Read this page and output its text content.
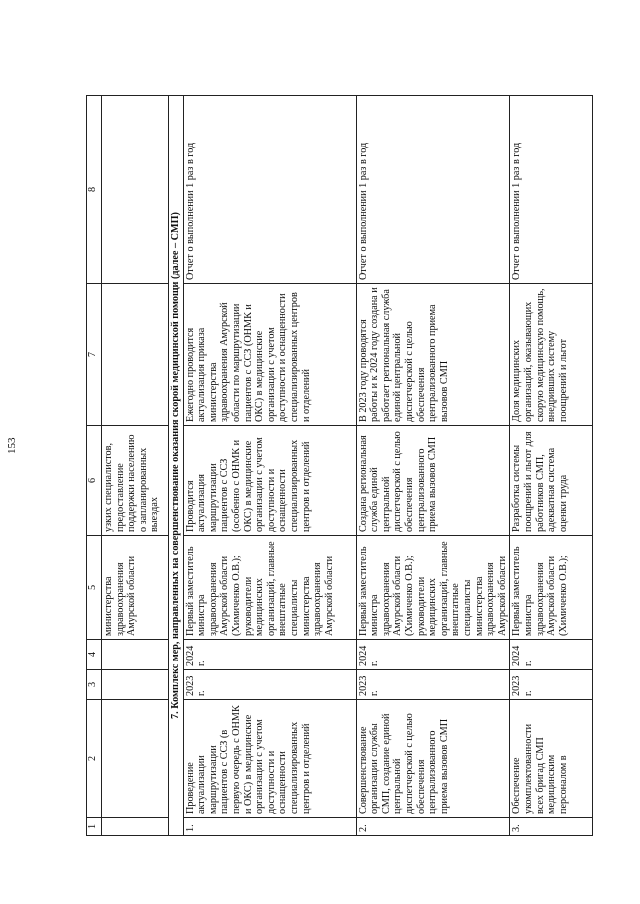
153
1	2	3	4	5	6	7	8
				министерства здравоохранения Амурской области	узких специалистов, предоставление поддержки населению о запланированных выездах		
7. Комплекс мер, направленных на совершенствование оказания скорой медицинской помощи (далее – СМП)							
1.	Проведение актуализации маршрутизации пациентов с ССЗ (в первую очередь с ОНМК и ОКС) в медицинские организации с учетом доступности и оснащенности специализированных центров и отделений	2023 г.	2024 г.	Первый заместитель министра здравоохранения Амурской области (Химиченко О.В.); руководители медицинских организаций, главные внештатные специалисты министерства здравоохранения Амурской области	Проводится актуализация маршрутизации пациентов с ССЗ (особенно с ОНМК и ОКС) в медицинские организации с учетом доступности и оснащенности специализированных центров и отделений	Ежегодно проводится актуализация приказа министерства здравоохранения Амурской области по маршрутизации пациентов с ССЗ (ОНМК и ОКС) в медицинские организации с учетом доступности и оснащенности специализированных центров и отделений	Отчет о выполнении 1 раз в год
2.	Совершенствование организации службы СМП, создание единой центральной диспетчерской с целью обеспечения централизованного приема вызовов СМП	2023 г.	2024 г.	Первый заместитель министра здравоохранения Амурской области (Химиченко О.В.); руководители медицинских организаций, главные внештатные специалисты министерства здравоохранения Амурской области	Создана региональная служба единой центральной диспетчерской с целью обеспечения централизованного приема вызовов СМП	В 2023 году проводятся работы и к 2024 году создана и работает региональная служба единой центральной диспетчерской с целью обеспечения централизованного приема вызовов СМП	Отчет о выполнении 1 раз в год
3.	Обеспечение укомплектованности всех бригад СМП медицинским персоналом в	2023 г.	2024 г.	Первый заместитель министра здравоохранения Амурской области (Химиченко О.В.);	Разработка системы поощрений и льгот для работников СМП, адекватная система оценки труда	Доля медицинских организаций, оказывающих скорую медицинскую помощь, внедривших систему поощрений и льгот	Отчет о выполнении 1 раз в год
